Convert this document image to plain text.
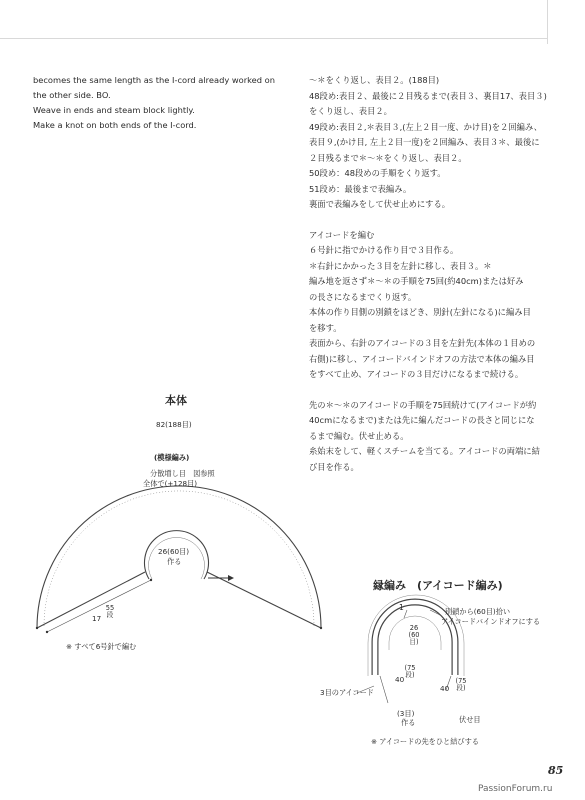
becomes the same length as the I-cord already worked on

the other side. BO.

Weave in ends and steam block lightly.

Make a knot on both ends of the I-cord.

～＊をくり返し、表目２。(188目)

48段め:表目２、最後に２目残るまで(表目３、裏目17、表目３)

をくり返し、表目２。

49段め:表目２,＊表目３,(左上２目一度、かけ目)を２回編み、

表目９,(かけ目, 左上２目一度)を２回編み、表目３＊、最後に

２目残るまで＊～＊をくり返し、表目２。

50段め：48段めの手順をくり返す。

51段め：最後まで表編み。

裏面で表編みをして伏せ止めにする。

アイコードを編む

６号針に指でかける作り目で３目作る。

＊右針にかかった３目を左針に移し、表目３。＊

編み地を返さず＊～＊の手順を75回(約40cm)または好み

の長さになるまでくり返す。

本体の作り目側の別鎖をほどき、別針(左針になる)に編み目

を移す。

表面から、右針のアイコードの３目を左針先(本体の１目めの

右側)に移し、アイコードバインドオフの方法で本体の編み目

をすべて止め、アイコードの３目だけになるまで続ける。

先の＊～＊のアイコードの手順を75回続けて(アイコードが約

40cmになるまで)または先に編んだコードの長さと同じにな

るまで編む。伏せ止める。

糸始末をして、軽くスチームを当てる。アイコードの両端に結

び目を作る。

本体
82(188目)
(模様編み)
分散増し目　図参照
全体で(+128目)
26(60目)
作る
17
55
段
※ すべて6号針で編む
縁編み　(アイコード編み)
1	別鎖から(60目)拾い
アイコードバインドオフにする
26
(60
目)
(75
段)
(75
段)
40
40
3目のアイコード
(3目)
作る	伏せ目
※ アイコードの先をひと結びする
85
PassionForum.ru
